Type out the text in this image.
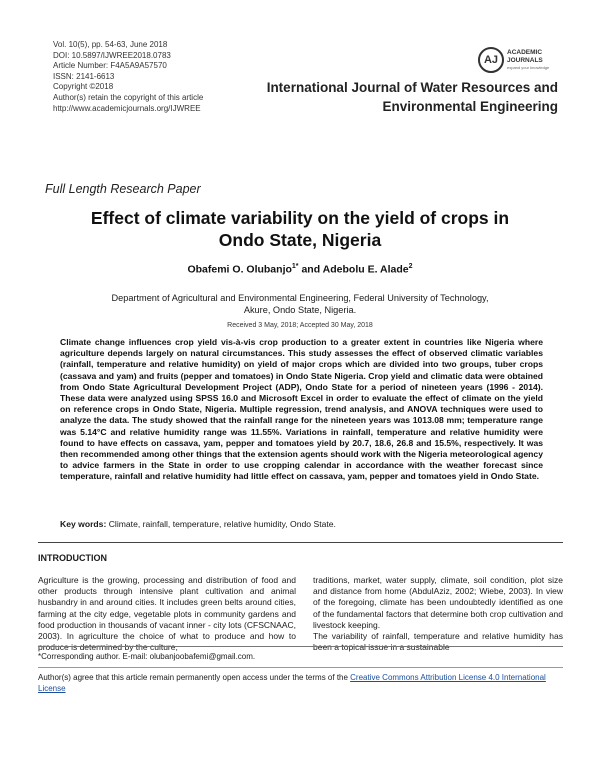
Vol. 10(5), pp. 54-63, June 2018
DOI: 10.5897/IJWREE2018.0783
Article Number: F4A5A9A57570
ISSN: 2141-6613
Copyright ©2018
Author(s) retain the copyright of this article
http://www.academicjournals.org/IJWREE
AJ
ACADEMIC
JOURNALS
expand your knowledge
International Journal of Water Resources and
Environmental Engineering
Full Length Research Paper
Effect of climate variability on the yield of crops in
Ondo State, Nigeria
Obafemi O. Olubanjo$^{1*}$ and Adebolu E. Alade$^2$
Department of Agricultural and Environmental Engineering, Federal University of Technology,
Akure, Ondo State, Nigeria.
Received 3 May, 2018; Accepted 30 May, 2018
Climate change influences crop yield vis-à-vis crop production to a greater extent in countries like Nigeria where agriculture depends largely on natural circumstances. This study assesses the effect of observed climatic variables (rainfall, temperature and relative humidity) on yield of major crops which are divided into two groups, tuber crops (cassava and yam) and fruits (pepper and tomatoes) in Ondo State Nigeria. Crop yield and climatic data were obtained from Ondo State Agricultural Development Project (ADP), Ondo State for a period of nineteen years (1996 - 2014). These data were analyzed using SPSS 16.0 and Microsoft Excel in order to evaluate the effect of climate on the yield on reference crops in Ondo State, Nigeria. Multiple regression, trend analysis, and ANOVA techniques were used to analyze the data. The study showed that the rainfall range for the nineteen years was 1013.08 mm; temperature range was 5.14°C and relative humidity range was 11.55%. Variations in rainfall, temperature and relative humidity were found to have effects on cassava, yam, pepper and tomatoes yield by 20.7, 18.6, 26.8 and 15.5%, respectively. It was then recommended among other things that the extension agents should work with the Nigeria meteorological agency to advice farmers in the State in order to use cropping calendar in accordance with the weather forecast since temperature, rainfall and relative humidity had little effect on cassava, yam, pepper and tomatoes yield in Ondo State.
Key words: Climate, rainfall, temperature, relative humidity, Ondo State.
INTRODUCTION
Agriculture is the growing, processing and distribution of food and other products through intensive plant cultivation and animal husbandry in and around cities. It includes green belts around cities, farming at the city edge, vegetable plots in community gardens and food production in thousands of vacant inner - city lots (CFSCNAAC, 2003). In agriculture the choice of what to produce and how to produce is determined by the culture,
traditions, market, water supply, climate, soil condition, plot size and distance from home (AbdulAziz, 2002; Wiebe, 2003). In view of the foregoing, climate has been undoubtedly identified as one of the fundamental factors that determine both crop cultivation and livestock keeping.
The variability of rainfall, temperature and relative humidity has been a topical issue in a sustainable
*Corresponding author. E-mail: olubanjoobafemi@gmail.com.
Author(s) agree that this article remain permanently open access under the terms of the Creative Commons Attribution License 4.0 International License
